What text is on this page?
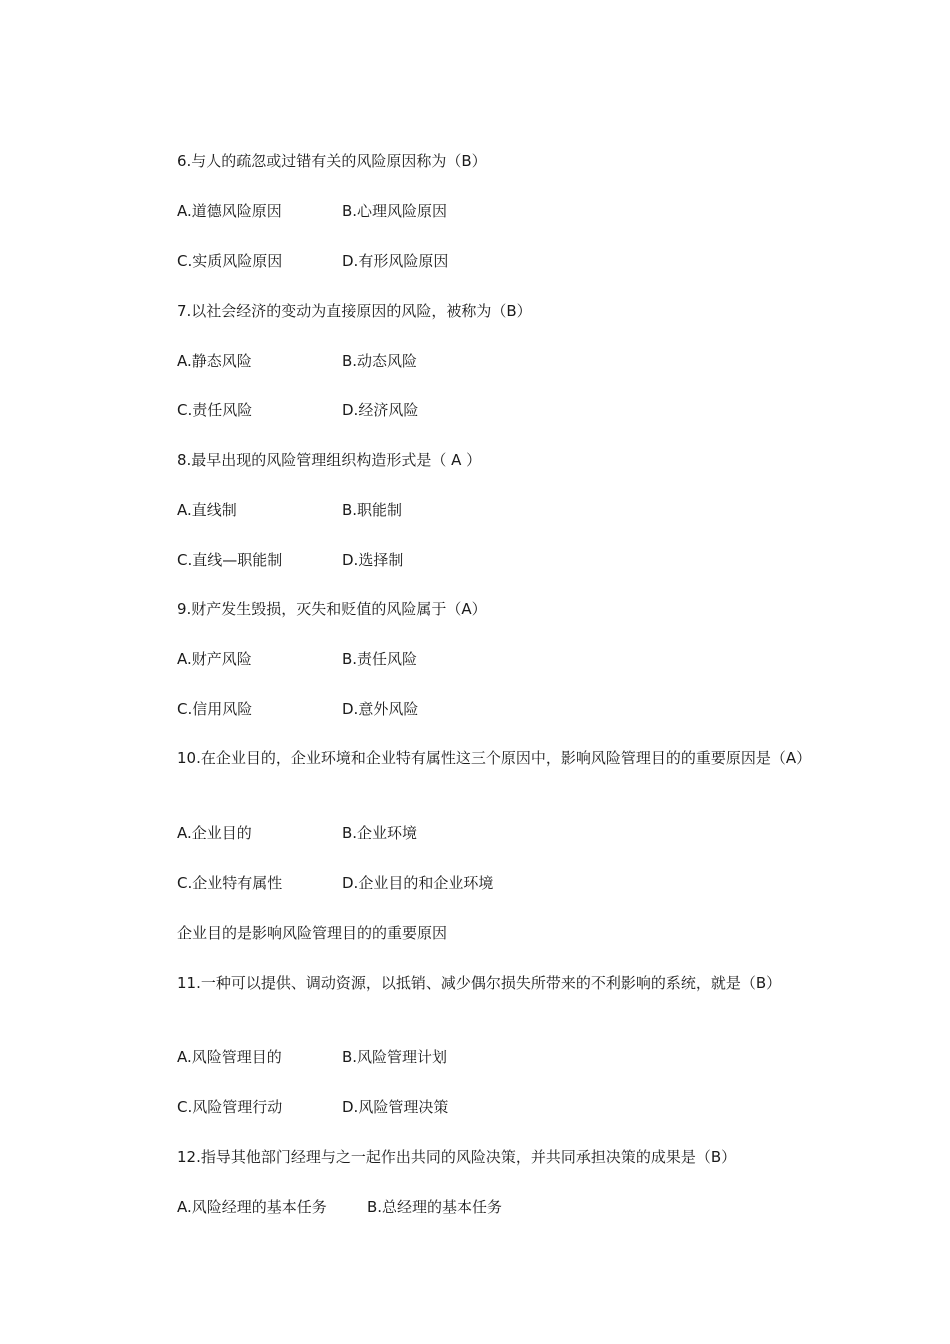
6.与人的疏忽或过错有关的风险原因称为（B）
A.道德风险原因	B.心理风险原因
C.实质风险原因	D.有形风险原因
7.以社会经济的变动为直接原因的风险，被称为（B）
A.静态风险	B.动态风险
C.责任风险	D.经济风险
8.最早出现的风险管理组织构造形式是（ A ）
A.直线制	B.职能制
C.直线—职能制	D.选择制
9.财产发生毁损，灭失和贬值的风险属于（A）
A.财产风险	B.责任风险
C.信用风险	D.意外风险
10.在企业目的，企业环境和企业特有属性这三个原因中，影响风险管理目的的重要原因是（A）
A.企业目的	B.企业环境
C.企业特有属性	D.企业目的和企业环境
企业目的是影响风险管理目的的重要原因
11.一种可以提供、调动资源，以抵销、减少偶尔损失所带来的不利影响的系统，就是（B）
A.风险管理目的	B.风险管理计划
C.风险管理行动	D.风险管理决策
12.指导其他部门经理与之一起作出共同的风险决策，并共同承担决策的成果是（B）
A.风险经理的基本任务	B.总经理的基本任务
